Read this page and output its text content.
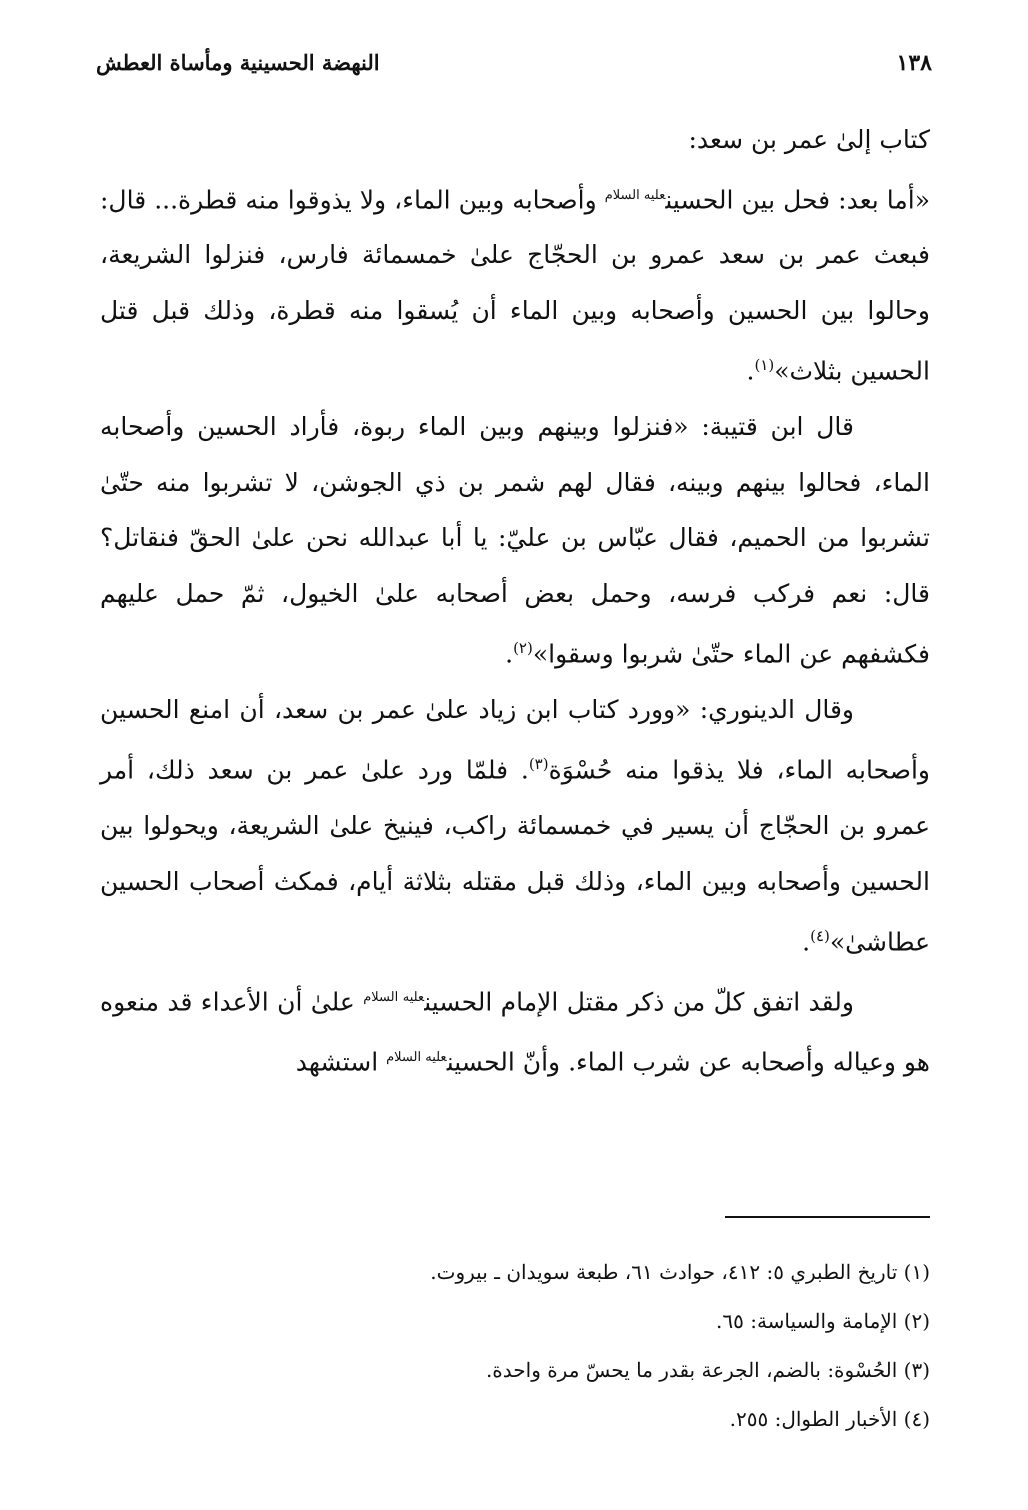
١٣٨
النهضة الحسينية ومأساة العطش

كتاب إلىٰ عمر بن سعد:

«أما بعد: فحل بين الحسين$^{عليه السلام}$ وأصحابه وبين الماء، ولا يذوقوا منه قطرة... قال: فبعث عمر بن سعد عمرو بن الحجّاج علىٰ خمسمائة فارس، فنزلوا الشريعة، وحالوا بين الحسين وأصحابه وبين الماء أن يُسقوا منه قطرة، وذلك قبل قتل الحسين بثلاث»$^{(١)}$.

قال ابن قتيبة: «فنزلوا وبينهم وبين الماء ربوة، فأراد الحسين وأصحابه الماء، فحالوا بينهم وبينه، فقال لهم شمر بن ذي الجوشن، لا تشربوا منه حتّىٰ تشربوا من الحميم، فقال عبّاس بن عليّ: يا أبا عبدالله نحن علىٰ الحقّ فنقاتل؟ قال: نعم فركب فرسه، وحمل بعض أصحابه علىٰ الخيول، ثمّ حمل عليهم فكشفهم عن الماء حتّىٰ شربوا وسقوا»$^{(٢)}$.

وقال الدينوري: «وورد كتاب ابن زياد علىٰ عمر بن سعد، أن امنع الحسين وأصحابه الماء، فلا يذقوا منه حُسْوَة$^{(٣)}$. فلمّا ورد علىٰ عمر بن سعد ذلك، أمر عمرو بن الحجّاج أن يسير في خمسمائة راكب، فينيخ علىٰ الشريعة، ويحولوا بين الحسين وأصحابه وبين الماء، وذلك قبل مقتله بثلاثة أيام، فمكث أصحاب الحسين عطاشىٰ»$^{(٤)}$.

ولقد اتفق كلّ من ذكر مقتل الإمام الحسين$^{عليه السلام}$ علىٰ أن الأعداء قد منعوه هو وعياله وأصحابه عن شرب الماء. وأنّ الحسين$^{عليه السلام}$ استشهد

(١) تاريخ الطبري ٥: ٤١٢، حوادث ٦١، طبعة سويدان ـ بيروت.

(٢) الإمامة والسياسة: ٦٥.

(٣) الحُسْوة: بالضم، الجرعة بقدر ما يحسّ مرة واحدة.

(٤) الأخبار الطوال: ٢٥٥.
